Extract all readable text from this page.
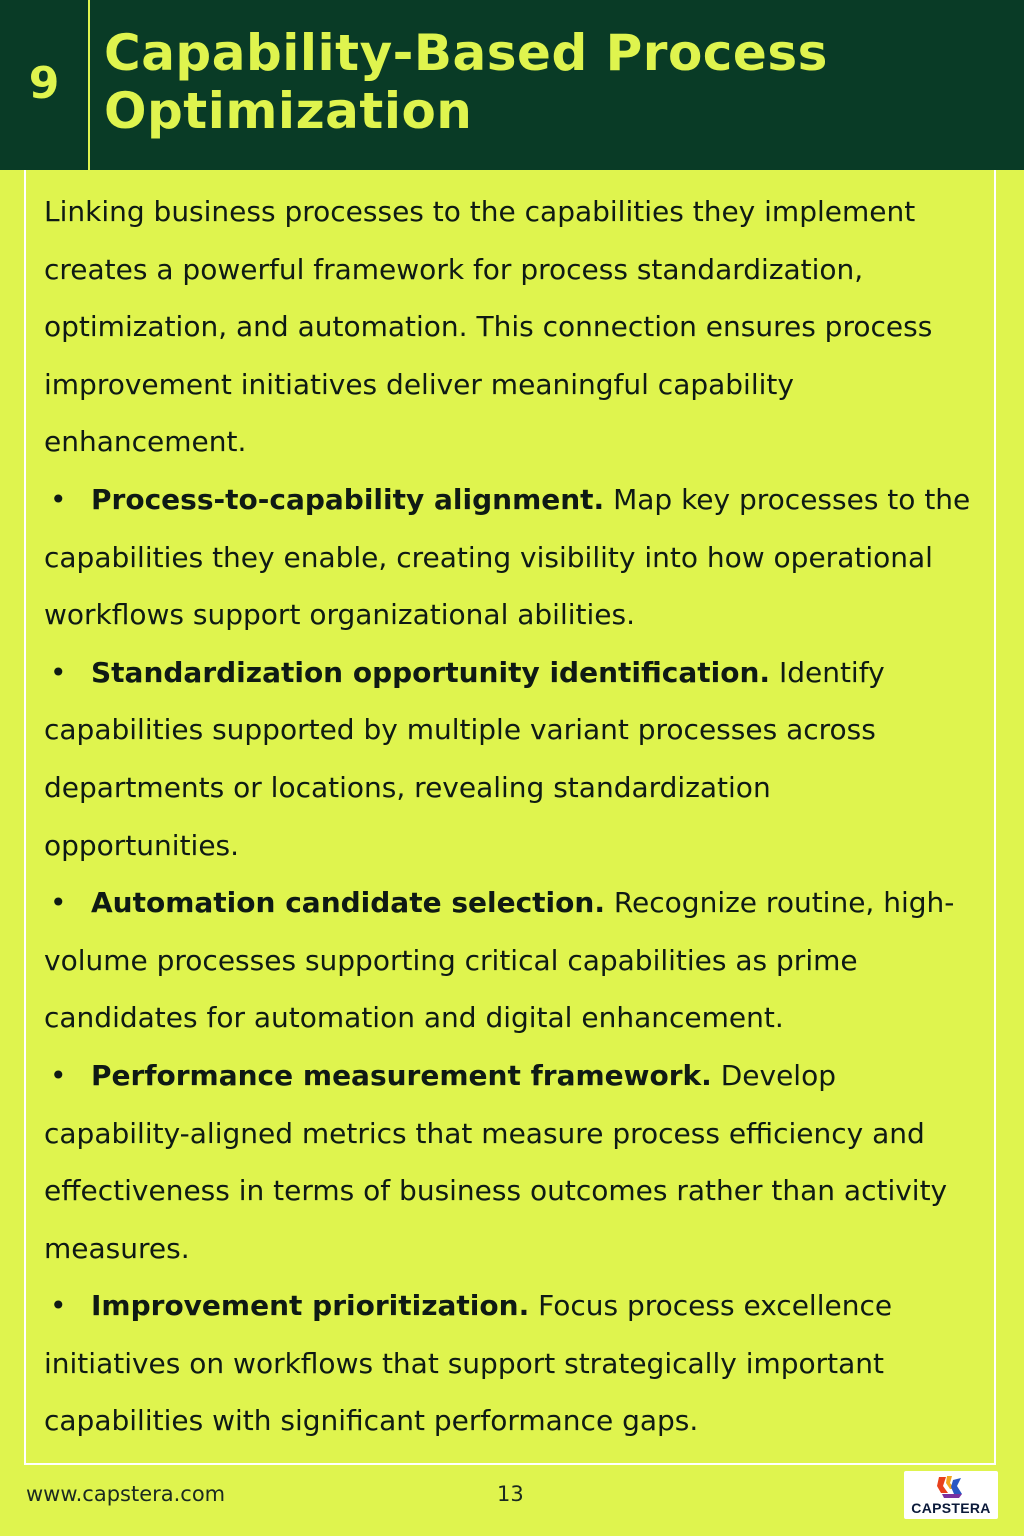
9
Capability-Based Process Optimization

Linking business processes to the capabilities they implement creates a powerful framework for process standardization, optimization, and automation. This connection ensures process improvement initiatives deliver meaningful capability enhancement.

• Process-to-capability alignment. Map key processes to the capabilities they enable, creating visibility into how operational workflows support organizational abilities.

• Standardization opportunity identification. Identify capabilities supported by multiple variant processes across departments or locations, revealing standardization opportunities.

• Automation candidate selection. Recognize routine, high-volume processes supporting critical capabilities as prime candidates for automation and digital enhancement.

• Performance measurement framework. Develop capability-aligned metrics that measure process efficiency and effectiveness in terms of business outcomes rather than activity measures.

• Improvement prioritization. Focus process excellence initiatives on workflows that support strategically important capabilities with significant performance gaps.

www.capstera.com	13
CAPSTERA
